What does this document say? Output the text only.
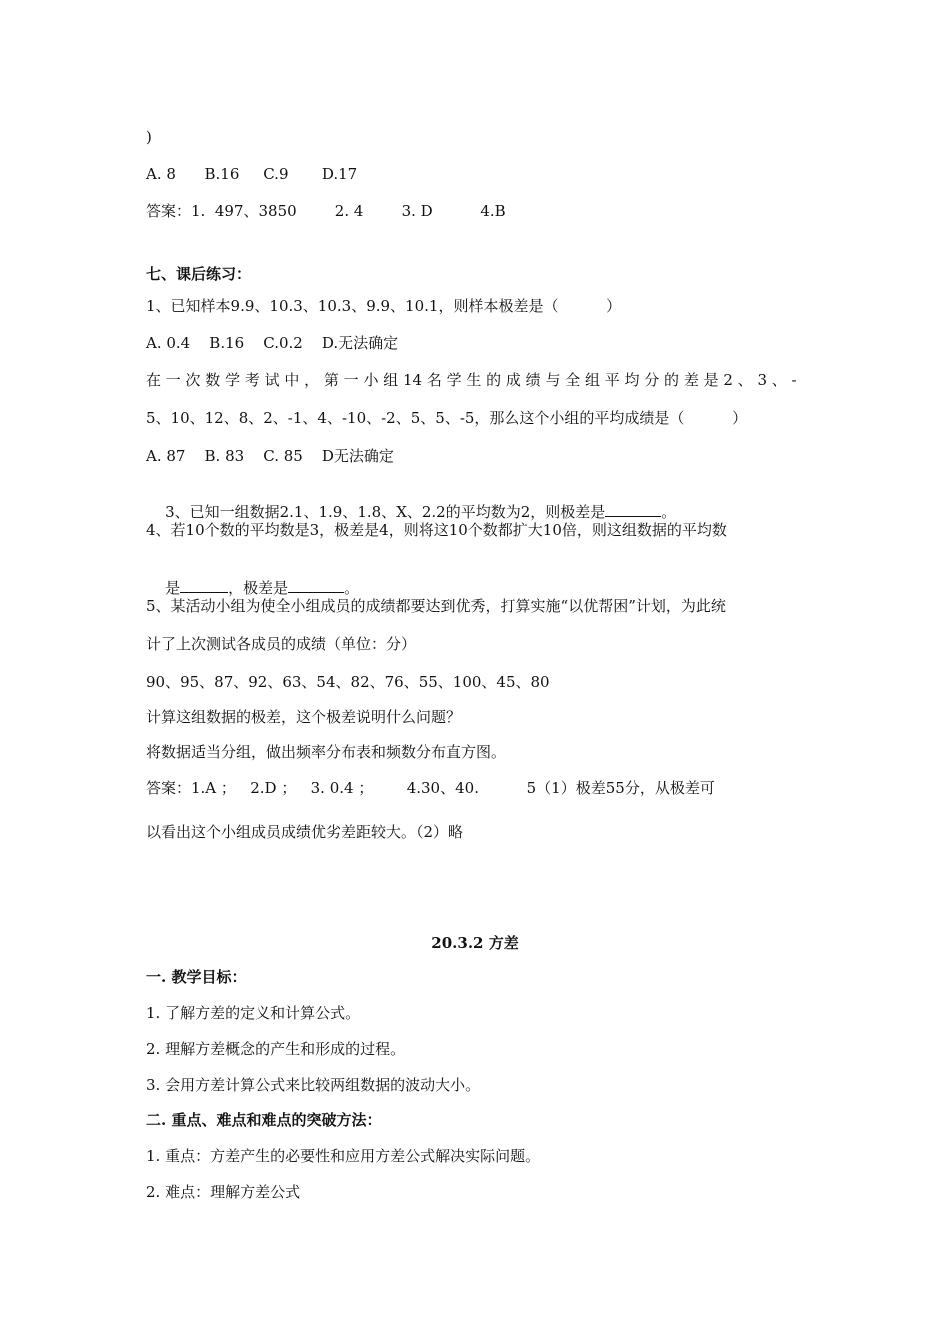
)
A. 8      B.16     C.9       D.17
答案：1.  497、3850        2. 4        3. D          4.B
七、课后练习：
1、已知样本9.9、10.3、10.3、9.9、10.1，则样本极差是（          ）
A. 0.4    B.16    C.0.2    D.无法确定
在 一 次 数 学 考 试 中 ， 第 一 小 组 14 名 学 生 的 成 绩 与 全 组 平 均 分 的 差 是 2 、 3 、 -
5、10、12、8、2、-1、4、-10、-2、5、5、-5，那么这个小组的平均成绩是（          ）
A. 87    B. 83    C. 85    D无法确定

3、已知一组数据2.1、1.9、1.8、X、2.2的平均数为2，则极差是	。

4、若10个数的平均数是3，极差是4，则将这10个数都扩大10倍，则这组数据的平均数

是	，极差是	。

5、某活动小组为使全小组成员的成绩都要达到优秀，打算实施“以优帮困”计划，为此统
计了上次测试各成员的成绩（单位：分）
90、95、87、92、63、54、82、76、55、100、45、80
计算这组数据的极差，这个极差说明什么问题？
将数据适当分组，做出频率分布表和频数分布直方图。
答案：1.A ；   2.D ；   3. 0.4 ；       4.30、40.          5（1）极差55分，从极差可
以看出这个小组成员成绩优劣差距较大。（2）略
20.3.2 方差
一. 教学目标：
1. 了解方差的定义和计算公式。
2. 理解方差概念的产生和形成的过程。
3. 会用方差计算公式来比较两组数据的波动大小。
二. 重点、难点和难点的突破方法：
1. 重点：方差产生的必要性和应用方差公式解决实际问题。
2. 难点：理解方差公式
